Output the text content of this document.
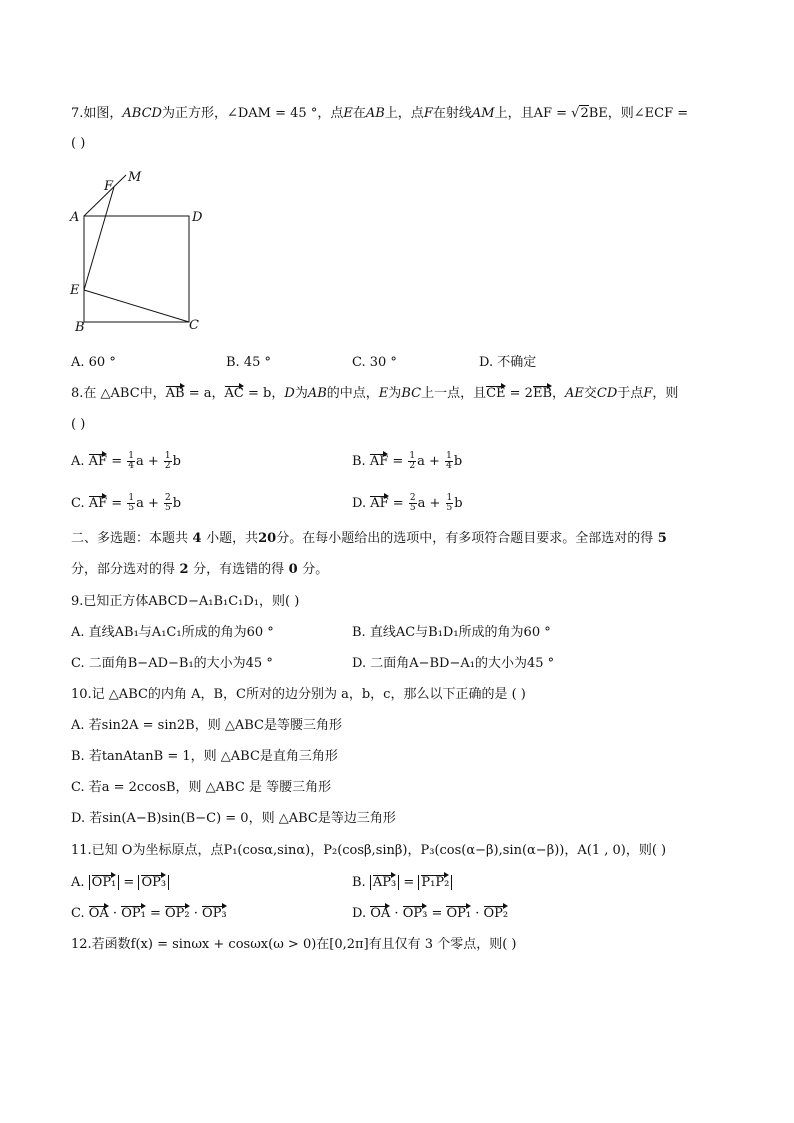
7.如图，ABCD为正方形，∠DAM = 45 °，点E在AB上，点F在射线AM上，且AF = √2BE，则∠ECF =
( )
F
M
A	D
E
B	C
A. 60 °	B. 45 °	C. 30 °	D. 不确定
8.在 △ABC中，AB = a，AC = b，D为AB的中点，E为BC上一点，且CE = 2EB，AE交CD于点F，则
( )
A. AF = $\frac{1}{4}$ $a + \frac{1}{2}$ b	B. AF = $\frac{1}{2}$ $a + \frac{1}{4}$ b
C. AF = $\frac{1}{5}$ $a + \frac{2}{5}$ b	D. AF = $\frac{2}{5}$ $a + \frac{1}{5}$ b
二、多选题：本题共 4 小题，共20分。在每小题给出的选项中，有多项符合题目要求。全部选对的得 5
分，部分选对的得 2 分，有选错的得 0 分。
9.已知正方体ABCD−A₁B₁C₁D₁，则( )
A. 直线AB₁与A₁C₁所成的角为60 °	B. 直线AC与B₁D₁所成的角为60 °
C. 二面角B−AD−B₁的大小为45 °	D. 二面角A−BD−A₁的大小为45 °
10.记 △ABC的内角 A，B，C所对的边分别为 a，b，c，那么以下正确的是 ( )
A. 若sin2A = sin2B，则 △ABC是等腰三角形
B. 若tanAtanB = 1，则 △ABC是直角三角形
C. 若a = 2ccosB，则 △ABC 是 等腰三角形
D. 若sin(A−B)sin(B−C) = 0，则 △ABC是等边三角形
11.已知 O为坐标原点，点P₁(cosα,sinα)，P₂(cosβ,sinβ)，P₃(cos(α−β),sin(α−β))，A(1 , 0)，则( )
A. OP₁ = OP₃	B. AP₃ = P₁P₂
C. OA · OP₁ = OP₂ · OP₃	D. OA · OP₃ = OP₁ · OP₂
12.若函数f(x) = sinωx + cosωx(ω > 0)在[0,2π]有且仅有 3 个零点，则( )
